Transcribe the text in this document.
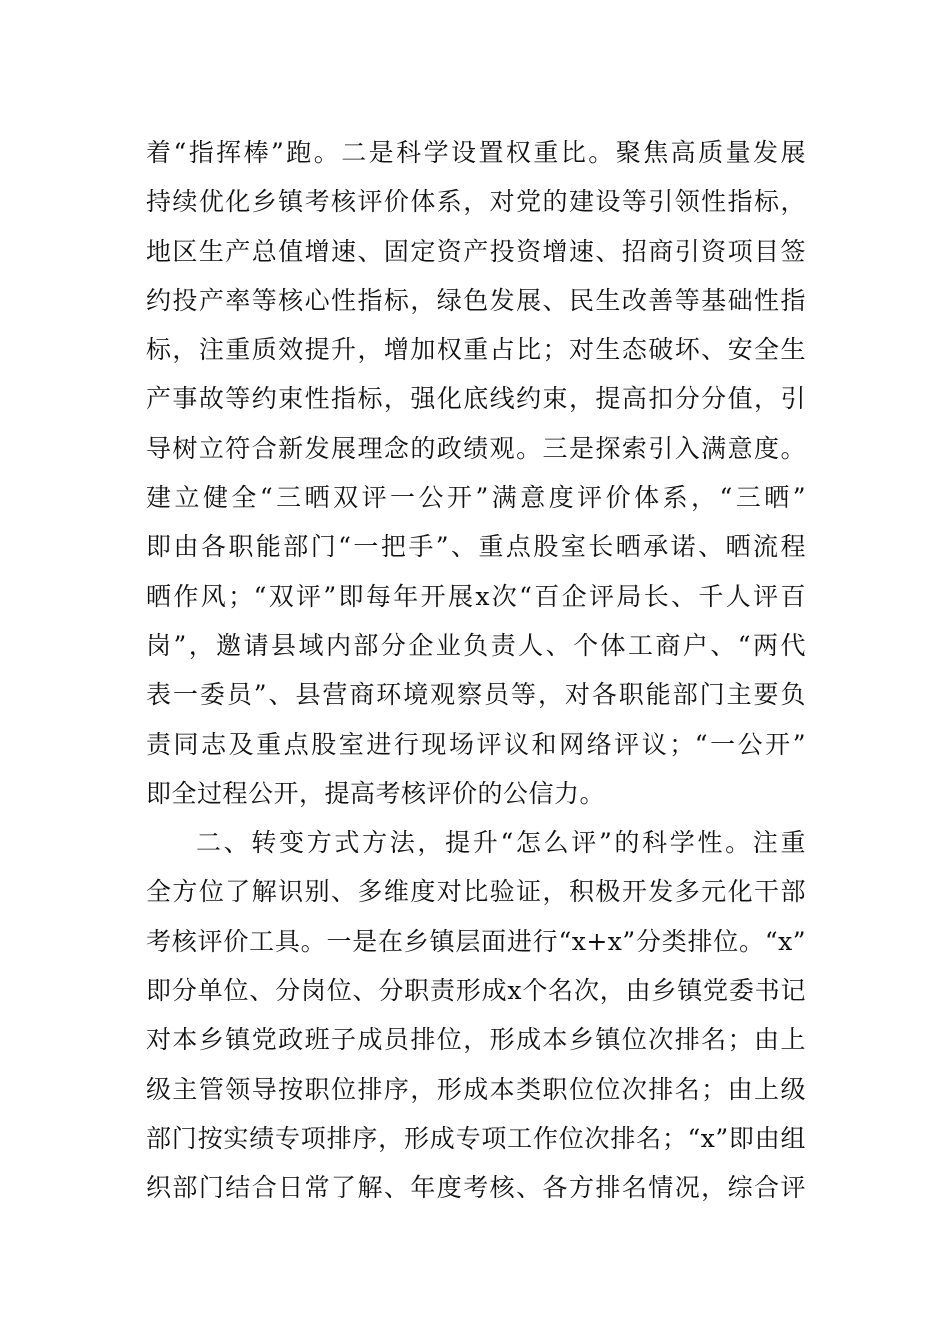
着“指挥棒”跑。二是科学设置权重比。聚焦高质量发展
持续优化乡镇考核评价体系，对党的建设等引领性指标，
地区生产总值增速、固定资产投资增速、招商引资项目签
约投产率等核心性指标，绿色发展、民生改善等基础性指
标，注重质效提升，增加权重占比；对生态破坏、安全生
产事故等约束性指标，强化底线约束，提高扣分分值，引
导树立符合新发展理念的政绩观。三是探索引入满意度。
建立健全“三晒双评一公开”满意度评价体系，“三晒”
即由各职能部门“一把手”、重点股室长晒承诺、晒流程
晒作风；“双评”即每年开展x次“百企评局长、千人评百
岗”，邀请县域内部分企业负责人、个体工商户、“两代
表一委员”、县营商环境观察员等，对各职能部门主要负
责同志及重点股室进行现场评议和网络评议；“一公开”
即全过程公开，提高考核评价的公信力。
二、转变方式方法，提升“怎么评”的科学性。注重
全方位了解识别、多维度对比验证，积极开发多元化干部
考核评价工具。一是在乡镇层面进行“x+x”分类排位。“x”
即分单位、分岗位、分职责形成x个名次，由乡镇党委书记
对本乡镇党政班子成员排位，形成本乡镇位次排名；由上
级主管领导按职位排序，形成本类职位位次排名；由上级
部门按实绩专项排序，形成专项工作位次排名；“x”即由组
织部门结合日常了解、年度考核、各方排名情况，综合评
